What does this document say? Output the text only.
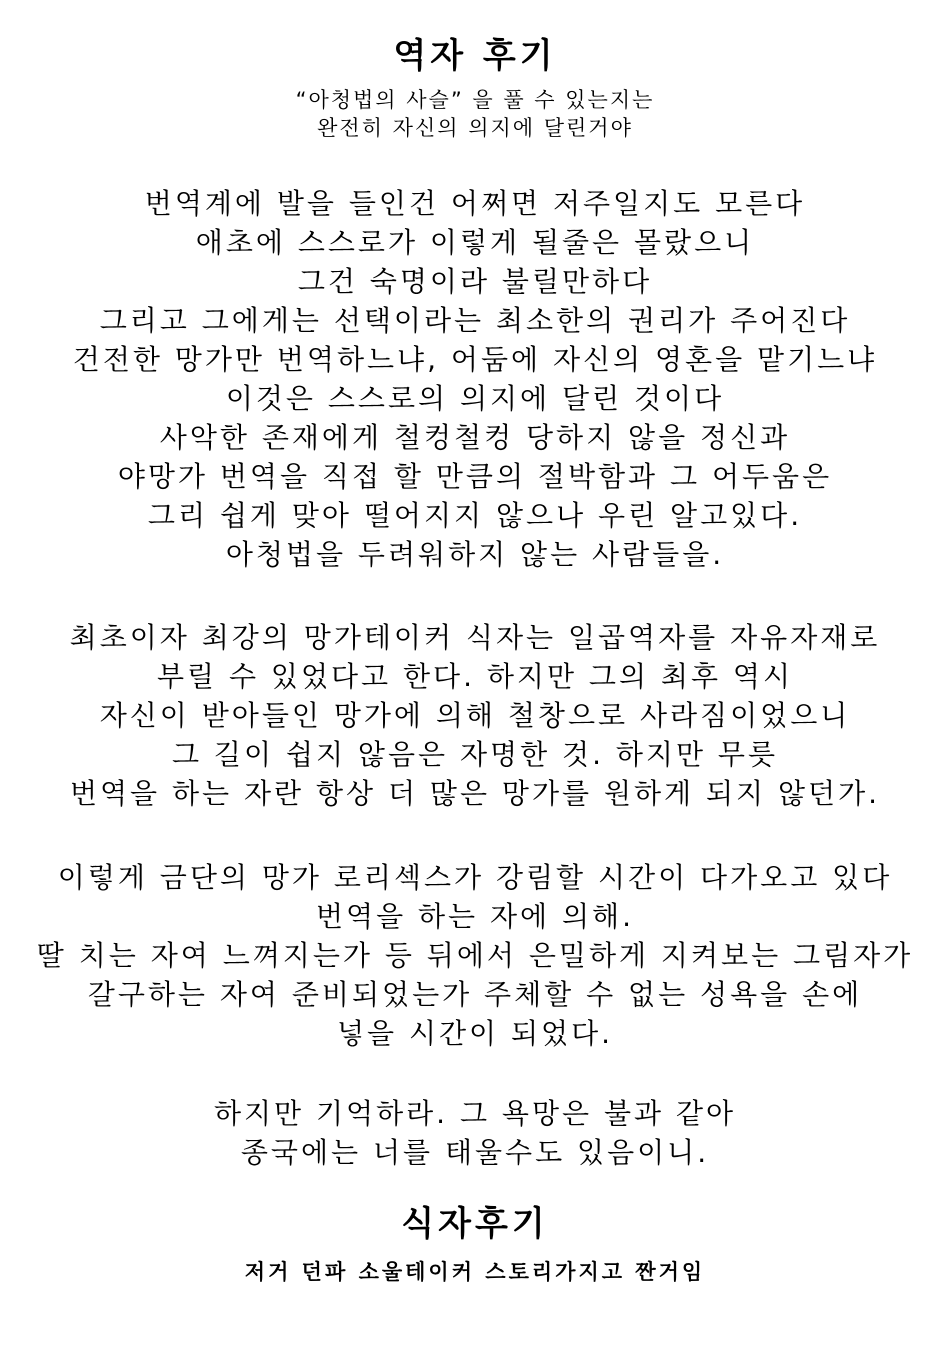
역자 후기
“아청법의 사슬” 을 풀 수 있는지는
완전히 자신의 의지에 달린거야
번역계에 발을 들인건 어쩌면 저주일지도 모른다
애초에 스스로가 이렇게 될줄은 몰랐으니
그건 숙명이라 불릴만하다
그리고 그에게는 선택이라는 최소한의 권리가 주어진다
건전한 망가만 번역하느냐, 어둠에 자신의 영혼을 맡기느냐
이것은 스스로의 의지에 달린 것이다
사악한 존재에게 철컹철컹 당하지 않을 정신과
야망가 번역을 직접 할 만큼의 절박함과 그 어두움은
그리 쉽게 맞아 떨어지지 않으나 우린 알고있다.
아청법을 두려워하지 않는 사람들을.
최초이자 최강의 망가테이커 식자는 일곱역자를 자유자재로
부릴 수 있었다고 한다. 하지만 그의 최후 역시
자신이 받아들인 망가에 의해 철창으로 사라짐이었으니
그 길이 쉽지 않음은 자명한 것. 하지만 무릇
번역을 하는 자란 항상 더 많은 망가를 원하게 되지 않던가.
이렇게 금단의 망가 로리섹스가 강림할 시간이 다가오고 있다
번역을 하는 자에 의해.
딸 치는 자여 느껴지는가 등 뒤에서 은밀하게 지켜보는 그림자가
갈구하는 자여 준비되었는가 주체할 수 없는 성욕을 손에
넣을 시간이 되었다.
하지만 기억하라. 그 욕망은 불과 같아
종국에는 너를 태울수도 있음이니.
식자후기
저거 던파 소울테이커 스토리가지고 짠거임
